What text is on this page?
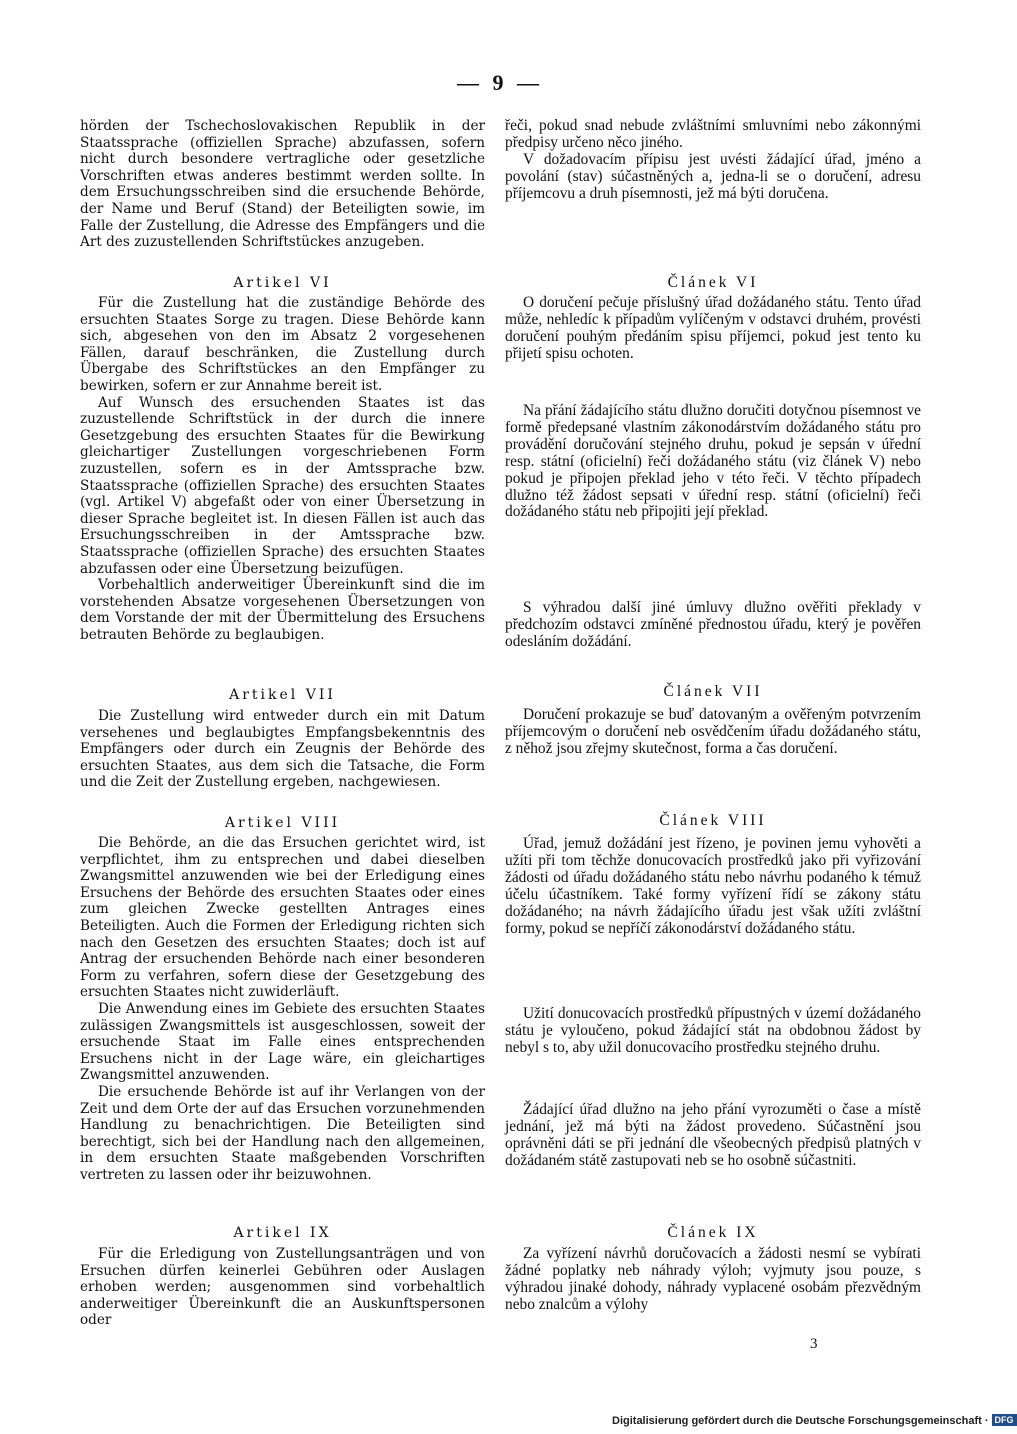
— 9 —

hörden der Tschechoslovakischen Republik in der Staatssprache (offiziellen Sprache) abzufassen, sofern nicht durch besondere vertragliche oder gesetzliche Vorschriften etwas anderes bestimmt werden sollte. In dem Ersuchungsschreiben sind die ersuchende Behörde, der Name und Beruf (Stand) der Beteiligten sowie, im Falle der Zustellung, die Adresse des Empfängers und die Art des zuzustellenden Schriftstückes anzugeben.

Artikel VI

Für die Zustellung hat die zuständige Behörde des ersuchten Staates Sorge zu tragen. Diese Behörde kann sich, abgesehen von den im Absatz 2 vorgesehenen Fällen, darauf beschränken, die Zustellung durch Übergabe des Schriftstückes an den Empfänger zu bewirken, sofern er zur Annahme bereit ist.

Auf Wunsch des ersuchenden Staates ist das zuzustellende Schriftstück in der durch die innere Gesetzgebung des ersuchten Staates für die Bewirkung gleichartiger Zustellungen vorgeschriebenen Form zuzustellen, sofern es in der Amtssprache bzw. Staatssprache (offiziellen Sprache) des ersuchten Staates (vgl. Artikel V) abgefaßt oder von einer Übersetzung in dieser Sprache begleitet ist. In diesen Fällen ist auch das Ersuchungsschreiben in der Amtssprache bzw. Staatssprache (offiziellen Sprache) des ersuchten Staates abzufassen oder eine Übersetzung beizufügen.

Vorbehaltlich anderweitiger Übereinkunft sind die im vorstehenden Absatze vorgesehenen Übersetzungen von dem Vorstande der mit der Übermittelung des Ersuchens betrauten Behörde zu beglaubigen.

Artikel VII

Die Zustellung wird entweder durch ein mit Datum versehenes und beglaubigtes Empfangsbekenntnis des Empfängers oder durch ein Zeugnis der Behörde des ersuchten Staates, aus dem sich die Tatsache, die Form und die Zeit der Zustellung ergeben, nachgewiesen.

Artikel VIII

Die Behörde, an die das Ersuchen gerichtet wird, ist verpflichtet, ihm zu entsprechen und dabei dieselben Zwangsmittel anzuwenden wie bei der Erledigung eines Ersuchens der Behörde des ersuchten Staates oder eines zum gleichen Zwecke gestellten Antrages eines Beteiligten. Auch die Formen der Erledigung richten sich nach den Gesetzen des ersuchten Staates; doch ist auf Antrag der ersuchenden Behörde nach einer besonderen Form zu verfahren, sofern diese der Gesetzgebung des ersuchten Staates nicht zuwiderläuft.

Die Anwendung eines im Gebiete des ersuchten Staates zulässigen Zwangsmittels ist ausgeschlossen, soweit der ersuchende Staat im Falle eines entsprechenden Ersuchens nicht in der Lage wäre, ein gleichartiges Zwangsmittel anzuwenden.

Die ersuchende Behörde ist auf ihr Verlangen von der Zeit und dem Orte der auf das Ersuchen vorzunehmenden Handlung zu benachrichtigen. Die Beteiligten sind berechtigt, sich bei der Handlung nach den allgemeinen, in dem ersuchten Staate maßgebenden Vorschriften vertreten zu lassen oder ihr beizuwohnen.

Artikel IX

Für die Erledigung von Zustellungsanträgen und von Ersuchen dürfen keinerlei Gebühren oder Auslagen erhoben werden; ausgenommen sind vorbehaltlich anderweitiger Übereinkunft die an Auskunftspersonen oder

řeči, pokud snad nebude zvláštními smluvními nebo zákonnými předpisy určeno něco jiného.

V dožadovacím přípisu jest uvésti žádající úřad, jméno a povolání (stav) súčastněných a, jedna-li se o doručení, adresu příjemcovu a druh písemnosti, jež má býti doručena.

Článek VI

O doručení pečuje příslušný úřad dožádaného státu. Tento úřad může, nehledíc k případům vylíčeným v odstavci druhém, provésti doručení pouhým předáním spisu příjemci, pokud jest tento ku přijetí spisu ochoten.

Na přání žádajícího státu dlužno doručiti dotyčnou písemnost ve formě předepsané vlastním zákonodárstvím dožádaného státu pro provádění doručování stejného druhu, pokud je sepsán v úřední resp. státní (oficielní) řeči dožádaného státu (viz článek V) nebo pokud je připojen překlad jeho v této řeči. V těchto případech dlužno též žádost sepsati v úřední resp. státní (oficielní) řeči dožádaného státu neb připojiti její překlad.

S výhradou další jiné úmluvy dlužno ověřiti překlady v předchozím odstavci zmíněné přednostou úřadu, který je pověřen odesláním dožádání.

Článek VII

Doručení prokazuje se buď datovaným a ověřeným potvrzením příjemcovým o doručení neb osvědčením úřadu dožádaného státu, z něhož jsou zřejmy skutečnost, forma a čas doručení.

Článek VIII

Úřad, jemuž dožádání jest řízeno, je povinen jemu vyhověti a užíti při tom těchže donucovacích prostředků jako při vyřizování žádosti od úřadu dožádaného státu nebo návrhu podaného k témuž účelu účastníkem. Také formy vyřízení řídí se zákony státu dožádaného; na návrh žádajícího úřadu jest však užíti zvláštní formy, pokud se nepříčí zákonodárství dožádaného státu.

Užití donucovacích prostředků přípustných v území dožádaného státu je vyloučeno, pokud žádající stát na obdobnou žádost by nebyl s to, aby užil donucovacího prostředku stejného druhu.

Žádající úřad dlužno na jeho přání vyrozuměti o čase a místě jednání, jež má býti na žádost provedeno. Súčastnění jsou oprávněni dáti se při jednání dle všeobecných předpisů platných v dožádaném státě zastupovati neb se ho osobně súčastniti.

Článek IX

Za vyřízení návrhů doručovacích a žádosti nesmí se vybírati žádné poplatky neb náhrady výloh; vyjmuty jsou pouze, s výhradou jinaké dohody, náhrady vyplacené osobám přezvědným nebo znalcům a výlohy

3
Digitalisierung gefördert durch die Deutsche Forschungsgemeinschaft · DFG
